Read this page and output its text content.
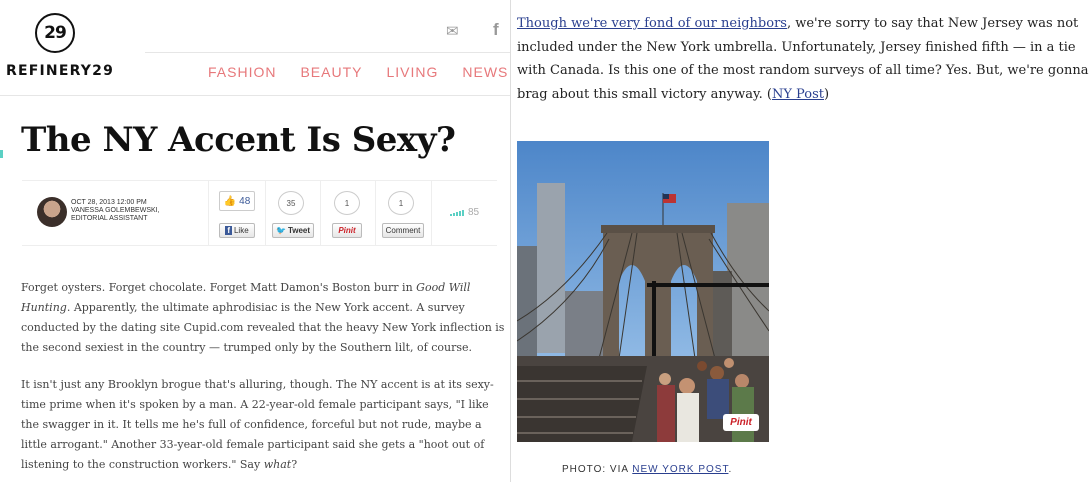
29
REFINERY29
✉ f
FASHION BEAUTY LIVING NEWS
The NY Accent Is Sexy?
OCT 28, 2013 12:00 PM
VANESSA GOLEMBEWSKI,
EDITORIAL ASSISTANT
👍 48
f Like
35
🐦 Tweet
1
Pinit
1
Comment
85

Forget oysters. Forget chocolate. Forget Matt Damon's Boston burr in Good Will Hunting. Apparently, the ultimate aphrodisiac is the New York accent. A survey conducted by the dating site Cupid.com revealed that the heavy New York inflection is the second sexiest in the country — trumped only by the Southern lilt, of course.

It isn't just any Brooklyn brogue that's alluring, though. The NY accent is at its sexy-time prime when it's spoken by a man. A 22-year-old female participant says, "I like the swagger in it. It tells me he's full of confidence, forceful but not rude, maybe a little arrogant." Another 33-year-old female participant said she gets a "hoot out of listening to the construction workers." Say what?

Though we're very fond of our neighbors, we're sorry to say that New Jersey was not included under the New York umbrella. Unfortunately, Jersey finished fifth — in a tie with Canada. Is this one of the most random surveys of all time? Yes. But, we're gonna brag about this small victory anyway. (NY Post)

Pinit
PHOTO: VIA NEW YORK POST.
